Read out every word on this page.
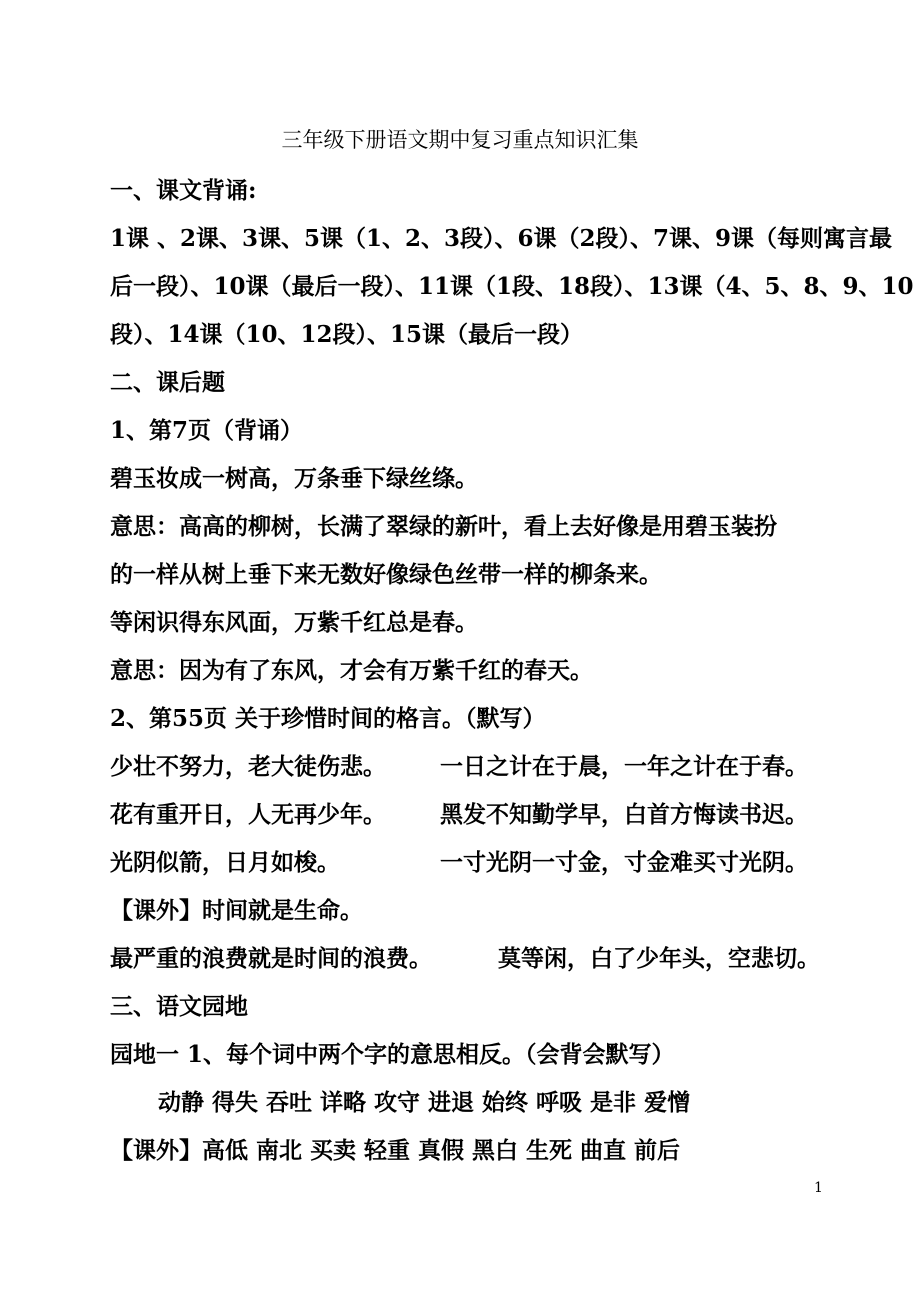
三年级下册语文期中复习重点知识汇集
一、课文背诵:
1课 、2课、3课、5课（1、2、3段）、6课（2段）、7课、9课（每则寓言最
后一段）、10课（最后一段）、11课（1段、18段）、13课（4、5、8、9、10
段）、14课（10、12段）、15课（最后一段）
二、课后题
1、第7页（背诵）
碧玉妆成一树高，万条垂下绿丝绦。
意思：高高的柳树，长满了翠绿的新叶，看上去好像是用碧玉装扮
的一样从树上垂下来无数好像绿色丝带一样的柳条来。
等闲识得东风面，万紫千红总是春。
意思：因为有了东风，才会有万紫千红的春天。
2、第55页 关于珍惜时间的格言。（默写）
少壮不努力，老大徒伤悲。 一日之计在于晨，一年之计在于春。
花有重开日，人无再少年。 黑发不知勤学早，白首方悔读书迟。
光阴似箭，日月如梭。	一寸光阴一寸金，寸金难买寸光阴。
【课外】时间就是生命。
最严重的浪费就是时间的浪费。	莫等闲，白了少年头，空悲切。
三、语文园地
园地一 1、每个词中两个字的意思相反。（会背会默写）
动静 得失 吞吐 详略 攻守 进退 始终 呼吸 是非 爱憎
【课外】高低 南北 买卖 轻重 真假 黑白 生死 曲直 前后
1
